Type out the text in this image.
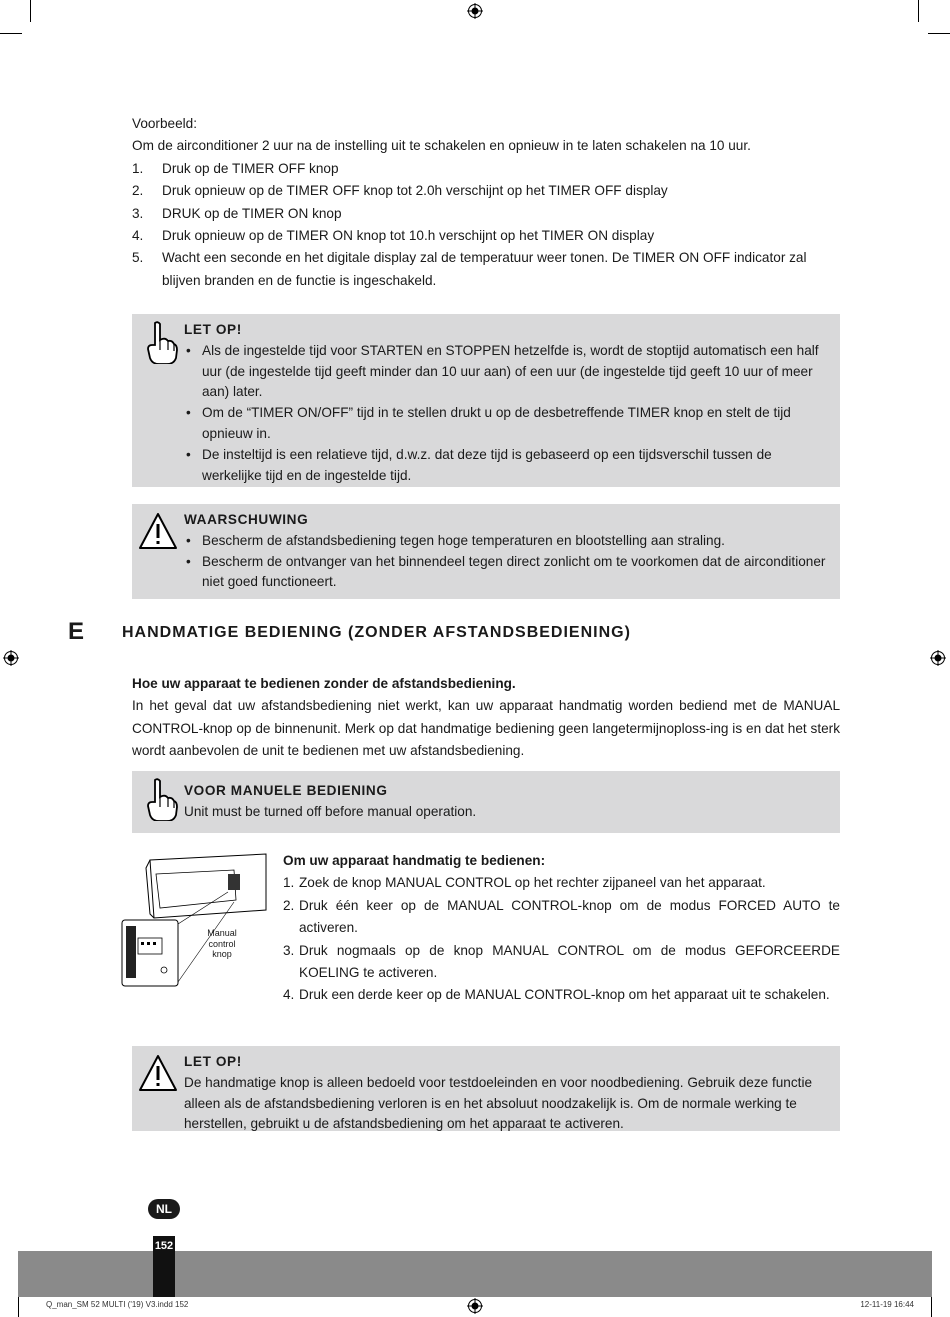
Voorbeeld:

Om de airconditioner 2 uur na de instelling uit te schakelen en opnieuw in te laten schakelen na 10 uur.

1. Druk op de TIMER OFF knop
2. Druk opnieuw op de TIMER OFF knop tot 2.0h verschijnt op het TIMER OFF display
3. DRUK op de TIMER ON knop
4. Druk opnieuw op de TIMER ON knop tot 10.h verschijnt op het TIMER ON display
5. Wacht een seconde en het digitale display zal de temperatuur weer tonen. De TIMER ON OFF indicator zal blijven branden en de functie is ingeschakeld.
LET OP!
• Als de ingestelde tijd voor STARTEN en STOPPEN hetzelfde is, wordt de stoptijd automatisch een half uur (de ingestelde tijd geeft minder dan 10 uur aan) of een uur (de ingestelde tijd geeft 10 uur of meer aan) later.
• Om de “TIMER ON/OFF” tijd in te stellen drukt u op de desbetreffende TIMER knop en stelt de tijd opnieuw in.
• De insteltijd is een relatieve tijd, d.w.z. dat deze tijd is gebaseerd op een tijdsverschil tussen de werkelijke tijd en de ingestelde tijd.
WAARSCHUWING
• Bescherm de afstandsbediening tegen hoge temperaturen en blootstelling aan straling.
• Bescherm de ontvanger van het binnendeel tegen direct zonlicht om te voorkomen dat de airconditioner niet goed functioneert.
E HANDMATIGE BEDIENING (ZONDER AFSTANDSBEDIENING)
Hoe uw apparaat te bedienen zonder de afstandsbediening.
In het geval dat uw afstandsbediening niet werkt, kan uw apparaat handmatig worden bediend met de MANUAL CONTROL-knop op de binnenunit. Merk op dat handmatige bediening geen langetermijnoploss-ing is en dat het sterk wordt aanbevolen de unit te bedienen met uw afstandsbediening.
VOOR MANUELE BEDIENING
Unit must be turned off before manual operation.
Manual control knop
Om uw apparaat handmatig te bedienen:
1. Zoek de knop MANUAL CONTROL op het rechter zijpaneel van het apparaat.
2. Druk één keer op de MANUAL CONTROL-knop om de modus FORCED AUTO te activeren.
3. Druk nogmaals op de knop MANUAL CONTROL om de modus GEFORCEERDE KOELING te activeren.
4. Druk een derde keer op de MANUAL CONTROL-knop om het apparaat uit te schakelen.
LET OP!
De handmatige knop is alleen bedoeld voor testdoeleinden en voor noodbediening. Gebruik deze functie alleen als de afstandsbediening verloren is en het absoluut noodzakelijk is. Om de normale werking te herstellen, gebruikt u de afstandsbediening om het apparaat te activeren.
NL
152
Q_man_SM 52 MULTI ('19) V3.indd 152	12-11-19 16:44
